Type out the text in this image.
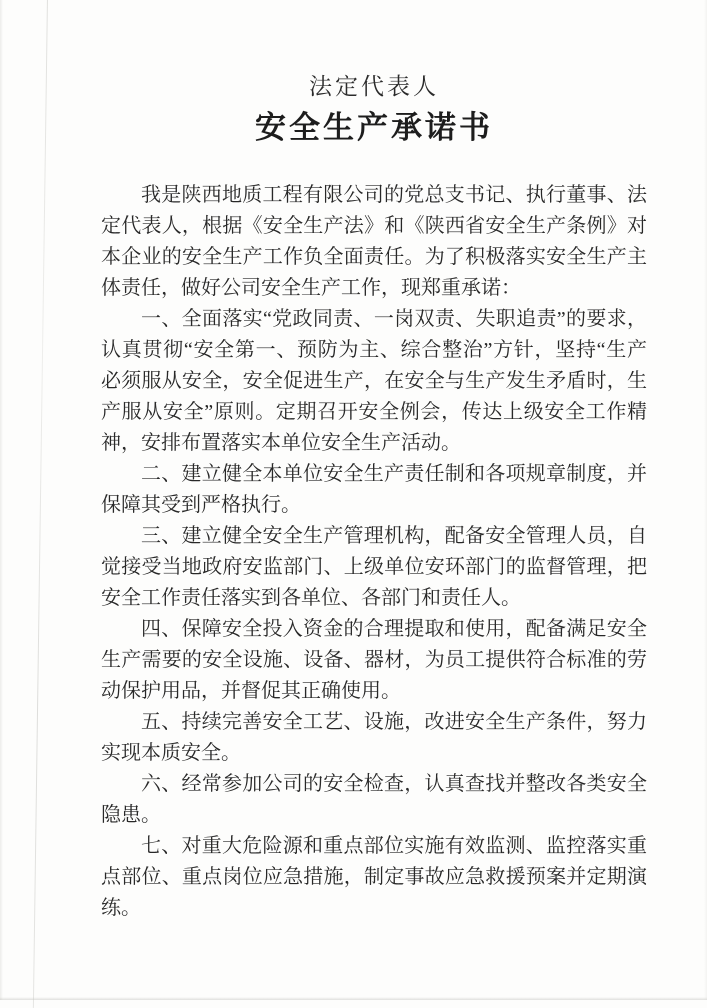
法定代表人
安全生产承诺书

我是陕西地质工程有限公司的党总支书记、执行董事、法定代表人，根据《安全生产法》和《陕西省安全生产条例》对本企业的安全生产工作负全面责任。为了积极落实安全生产主体责任，做好公司安全生产工作，现郑重承诺：

一、全面落实“党政同责、一岗双责、失职追责”的要求，认真贯彻“安全第一、预防为主、综合整治”方针，坚持“生产必须服从安全，安全促进生产，在安全与生产发生矛盾时，生产服从安全”原则。定期召开安全例会，传达上级安全工作精神，安排布置落实本单位安全生产活动。

二、建立健全本单位安全生产责任制和各项规章制度，并保障其受到严格执行。

三、建立健全安全生产管理机构，配备安全管理人员，自觉接受当地政府安监部门、上级单位安环部门的监督管理，把安全工作责任落实到各单位、各部门和责任人。

四、保障安全投入资金的合理提取和使用，配备满足安全生产需要的安全设施、设备、器材，为员工提供符合标准的劳动保护用品，并督促其正确使用。

五、持续完善安全工艺、设施，改进安全生产条件，努力实现本质安全。

六、经常参加公司的安全检查，认真查找并整改各类安全隐患。

七、对重大危险源和重点部位实施有效监测、监控落实重点部位、重点岗位应急措施，制定事故应急救援预案并定期演练。
